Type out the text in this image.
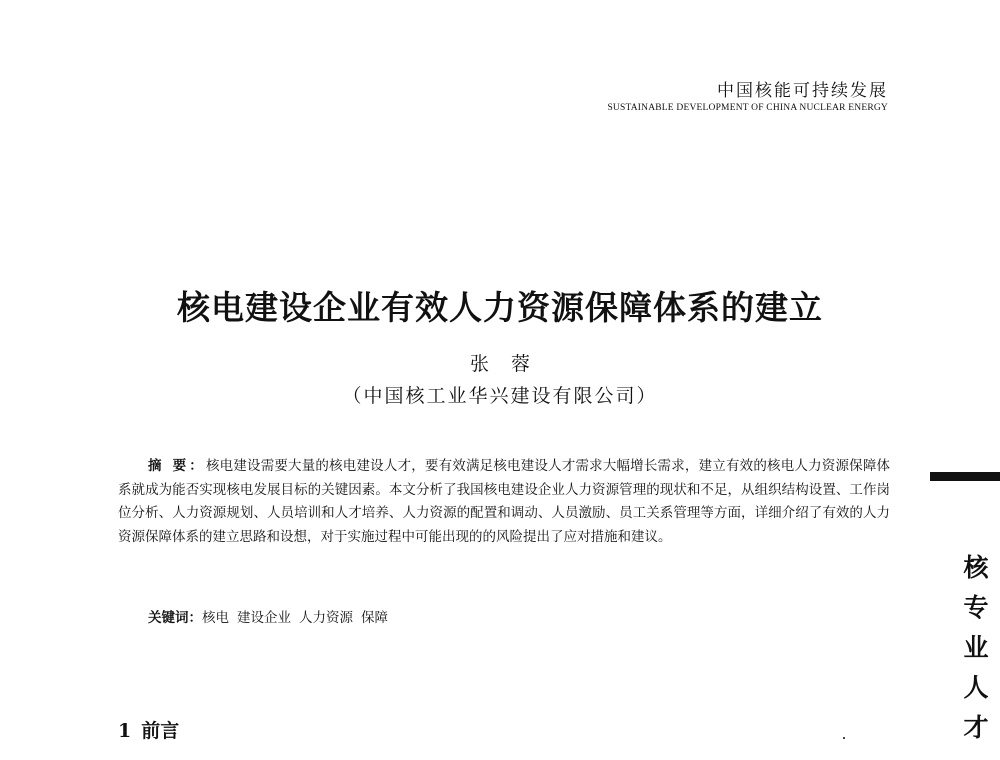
中国核能可持续发展
SUSTAINABLE DEVELOPMENT OF CHINA NUCLEAR ENERGY
核电建设企业有效人力资源保障体系的建立
张蓉
（中国核工业华兴建设有限公司）
摘 要：核电建设需要大量的核电建设人才，要有效满足核电建设人才需求大幅增长需求，建立有效的核电人力资源保障体系就成为能否实现核电发展目标的关键因素。本文分析了我国核电建设企业人力资源管理的现状和不足，从组织结构设置、工作岗位分析、人力资源规划、人员培训和人才培养、人力资源的配置和调动、人员激励、员工关系管理等方面，详细介绍了有效的人力资源保障体系的建立思路和设想，对于实施过程中可能出现的的风险提出了应对措施和建议。
关键词：核电 建设企业 人力资源 保障
1 前言
核专业人才
